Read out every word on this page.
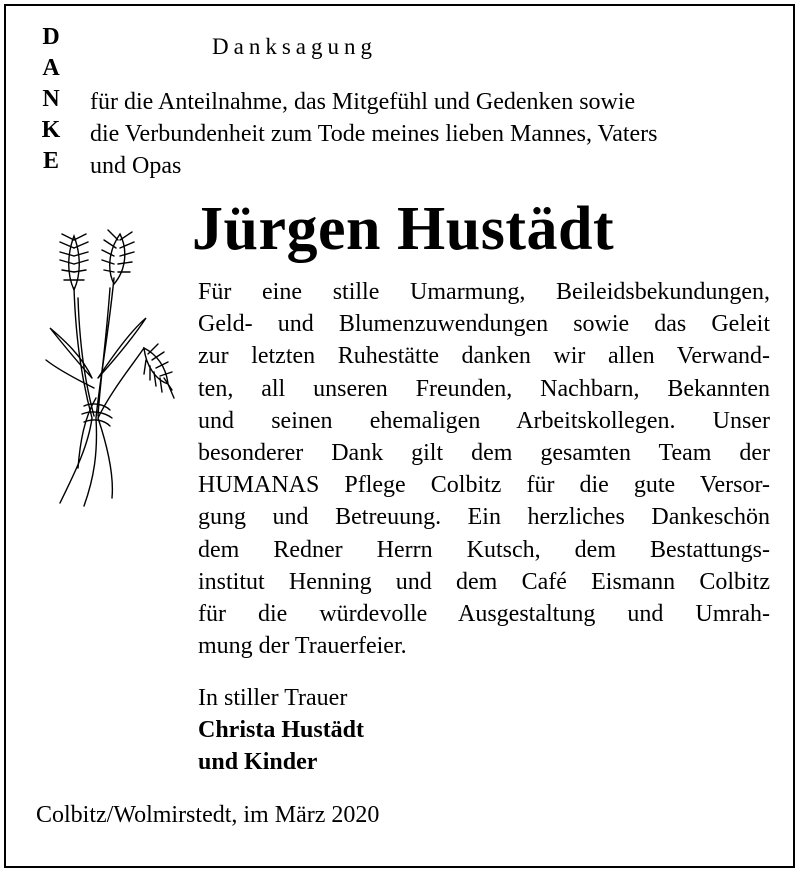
D
A
N
K
E
Danksagung
für die Anteilnahme, das Mitgefühl und Gedenken sowie
die Verbundenheit zum Tode meines lieben Mannes, Vaters
und Opas
Jürgen Hustädt
Für eine stille Umarmung, Beileidsbekundungen,
Geld- und Blumenzuwendungen sowie das Geleit
zur letzten Ruhestätte danken wir allen Verwand-
ten, all unseren Freunden, Nachbarn, Bekannten
und seinen ehemaligen Arbeitskollegen. Unser
besonderer Dank gilt dem gesamten Team der
HUMANAS Pflege Colbitz für die gute Versor-
gung und Betreuung. Ein herzliches Dankeschön
dem Redner Herrn Kutsch, dem Bestattungs-
institut Henning und dem Café Eismann Colbitz
für die würdevolle Ausgestaltung und Umrah-
mung der Trauerfeier.
In stiller Trauer
Christa Hustädt
und Kinder
Colbitz/Wolmirstedt, im März 2020
